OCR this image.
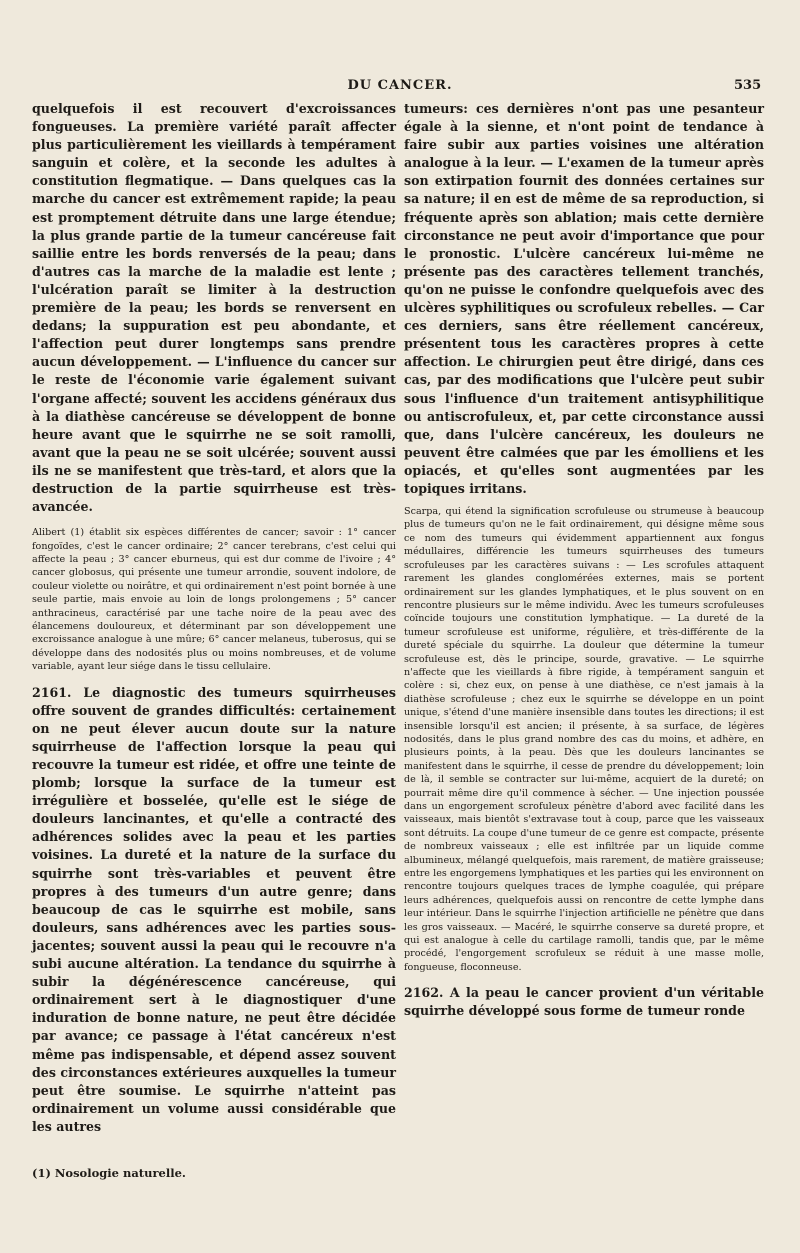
DU CANCER.	535

quelquefois il est recouvert d'excroissances fongueuses. La première variété paraît affecter plus particulièrement les vieillards à tempérament sanguin et colère, et la seconde les adultes à constitution flegmatique. — Dans quelques cas la marche du cancer est extrêmement rapide; la peau est promptement détruite dans une large étendue; la plus grande partie de la tumeur cancéreuse fait saillie entre les bords renversés de la peau; dans d'autres cas la marche de la maladie est lente ; l'ulcération paraît se limiter à la destruction première de la peau; les bords se renversent en dedans; la suppuration est peu abondante, et l'affection peut durer longtemps sans prendre aucun développement. — L'influence du cancer sur le reste de l'économie varie également suivant l'organe affecté; souvent les accidens généraux dus à la diathèse cancéreuse se développent de bonne heure avant que le squirrhe ne se soit ramolli, avant que la peau ne se soit ulcérée; souvent aussi ils ne se manifestent que très-tard, et alors que la destruction de la partie squirrheuse est très-avancée.

Alibert (1) établit six espèces différentes de cancer; savoir : 1° cancer fongoïdes, c'est le cancer ordinaire; 2° cancer terebrans, c'est celui qui affecte la peau ; 3° cancer eburneus, qui est dur comme de l'ivoire ; 4° cancer globosus, qui présente une tumeur arrondie, souvent indolore, de couleur violette ou noirâtre, et qui ordinairement n'est point bornée à une seule partie, mais envoie au loin de longs prolongemens ; 5° cancer anthracineus, caractérisé par une tache noire de la peau avec des élancemens douloureux, et déterminant par son développement une excroissance analogue à une mûre; 6° cancer melaneus, tuberosus, qui se développe dans des nodosités plus ou moins nombreuses, et de volume variable, ayant leur siége dans le tissu cellulaire.

2161. Le diagnostic des tumeurs squirrheuses offre souvent de grandes difficultés: certainement on ne peut élever aucun doute sur la nature squirrheuse de l'affection lorsque la peau qui recouvre la tumeur est ridée, et offre une teinte de plomb; lorsque la surface de la tumeur est irrégulière et bosselée, qu'elle est le siége de douleurs lancinantes, et qu'elle a contracté des adhérences solides avec la peau et les parties voisines. La dureté et la nature de la surface du squirrhe sont très-variables et peuvent être propres à des tumeurs d'un autre genre; dans beaucoup de cas le squirrhe est mobile, sans douleurs, sans adhérences avec les parties sous-jacentes; souvent aussi la peau qui le recouvre n'a subi aucune altération. La tendance du squirrhe à subir la dégénérescence cancéreuse, qui ordinairement sert à le diagnostiquer d'une induration de bonne nature, ne peut être décidée par avance; ce passage à l'état cancéreux n'est même pas indispensable, et dépend assez souvent des circonstances extérieures auxquelles la tumeur peut être soumise. Le squirrhe n'atteint pas ordinairement un volume aussi considérable que les autres

(1) Nosologie naturelle.

tumeurs: ces dernières n'ont pas une pesanteur égale à la sienne, et n'ont point de tendance à faire subir aux parties voisines une altération analogue à la leur. — L'examen de la tumeur après son extirpation fournit des données certaines sur sa nature; il en est de même de sa reproduction, si fréquente après son ablation; mais cette dernière circonstance ne peut avoir d'importance que pour le pronostic. L'ulcère cancéreux lui-même ne présente pas des caractères tellement tranchés, qu'on ne puisse le confondre quelquefois avec des ulcères syphilitiques ou scrofuleux rebelles. — Car ces derniers, sans être réellement cancéreux, présentent tous les caractères propres à cette affection. Le chirurgien peut être dirigé, dans ces cas, par des modifications que l'ulcère peut subir sous l'influence d'un traitement antisyphilitique ou antiscrofuleux, et, par cette circonstance aussi que, dans l'ulcère cancéreux, les douleurs ne peuvent être calmées que par les émolliens et les opiacés, et qu'elles sont augmentées par les topiques irritans.

Scarpa, qui étend la signification scrofuleuse ou strumeuse à beaucoup plus de tumeurs qu'on ne le fait ordinairement, qui désigne même sous ce nom des tumeurs qui évidemment appartiennent aux fongus médullaires, différencie les tumeurs squirrheuses des tumeurs scrofuleuses par les caractères suivans : — Les scrofules attaquent rarement les glandes conglomérées externes, mais se portent ordinairement sur les glandes lymphatiques, et le plus souvent on en rencontre plusieurs sur le même individu. Avec les tumeurs scrofuleuses coïncide toujours une constitution lymphatique. — La dureté de la tumeur scrofuleuse est uniforme, régulière, et très-différente de la dureté spéciale du squirrhe. La douleur que détermine la tumeur scrofuleuse est, dès le principe, sourde, gravative. — Le squirrhe n'affecte que les vieillards à fibre rigide, à tempérament sanguin et colère : si, chez eux, on pense à une diathèse, ce n'est jamais à la diathèse scrofuleuse ; chez eux le squirrhe se développe en un point unique, s'étend d'une manière insensible dans toutes les directions; il est insensible lorsqu'il est ancien; il présente, à sa surface, de légères nodosités, dans le plus grand nombre des cas du moins, et adhère, en plusieurs points, à la peau. Dès que les douleurs lancinantes se manifestent dans le squirrhe, il cesse de prendre du développement; loin de là, il semble se contracter sur lui-même, acquiert de la dureté; on pourrait même dire qu'il commence à sécher. — Une injection poussée dans un engorgement scrofuleux pénètre d'abord avec facilité dans les vaisseaux, mais bientôt s'extravase tout à coup, parce que les vaisseaux sont détruits. La coupe d'une tumeur de ce genre est compacte, présente de nombreux vaisseaux ; elle est infiltrée par un liquide comme albumineux, mélangé quelquefois, mais rarement, de matière graisseuse; entre les engorgemens lymphatiques et les parties qui les environnent on rencontre toujours quelques traces de lymphe coagulée, qui prépare leurs adhérences, quelquefois aussi on rencontre de cette lymphe dans leur intérieur. Dans le squirrhe l'injection artificielle ne pénètre que dans les gros vaisseaux. — Macéré, le squirrhe conserve sa dureté propre, et qui est analogue à celle du cartilage ramolli, tandis que, par le même procédé, l'engorgement scrofuleux se réduit à une masse molle, fongueuse, floconneuse.

2162. A la peau le cancer provient d'un véritable squirrhe développé sous forme de tumeur ronde
